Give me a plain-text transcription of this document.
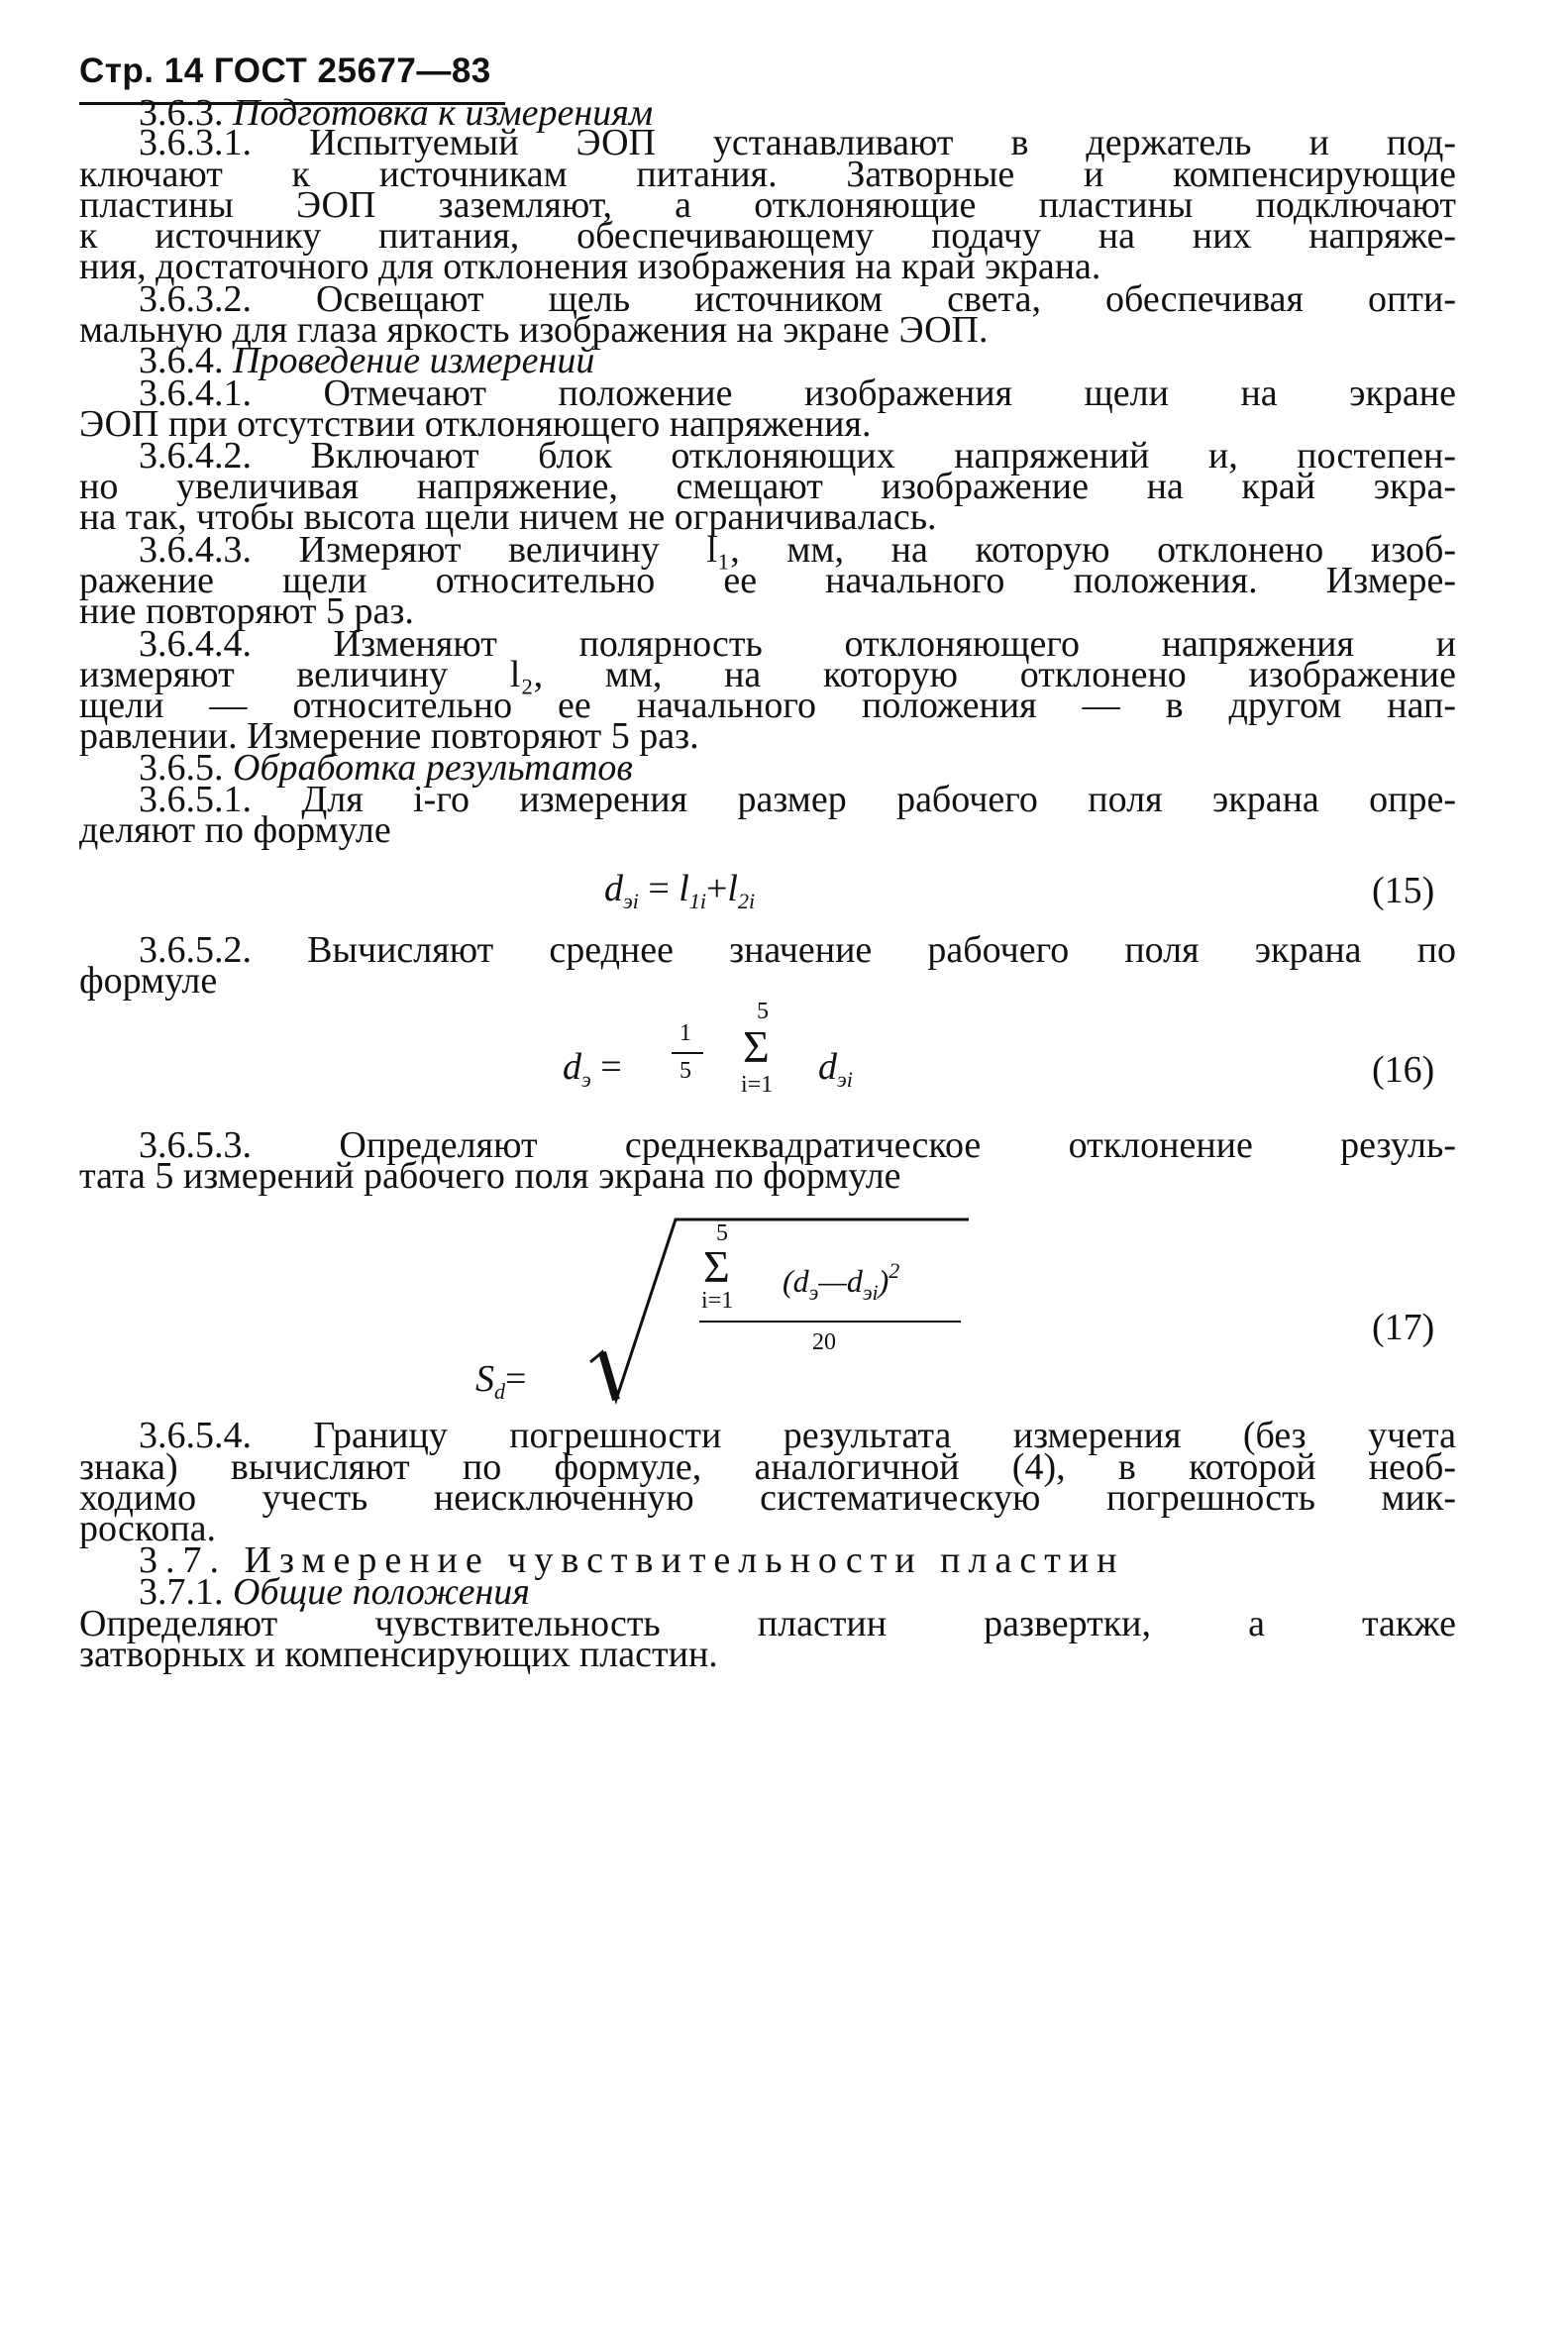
Стр. 14 ГОСТ 25677—83
3.6.3. Подготовка к измерениям
3.6.3.1. Испытуемый ЭОП устанавливают в держатель и под-
ключают к источникам питания. Затворные и компенсирующие
пластины ЭОП заземляют, а отклоняющие пластины подключают
к источнику питания, обеспечивающему подачу на них напряже-
ния, достаточного для отклонения изображения на край экрана.
3.6.3.2. Освещают щель источником света, обеспечивая опти-
мальную для глаза яркость изображения на экране ЭОП.
3.6.4. Проведение измерений
3.6.4.1. Отмечают положение изображения щели на экране
ЭОП при отсутствии отклоняющего напряжения.
3.6.4.2. Включают блок отклоняющих напряжений и, постепен-
но увеличивая напряжение, смещают изображение на край экра-
на так, чтобы высота щели ничем не ограничивалась.
3.6.4.3. Измеряют величину l₁, мм, на которую отклонено изоб-
ражение щели относительно ее начального положения. Измере-
ние повторяют 5 раз.
3.6.4.4. Изменяют полярность отклоняющего напряжения и
измеряют величину l₂, мм, на которую отклонено изображение
щели — относительно ее начального положения — в другом нап-
равлении. Измерение повторяют 5 раз.
3.6.5. Обработка результатов
3.6.5.1. Для i-го измерения размер рабочего поля экрана опре-
деляют по формуле
$d_{эi} = l_{1i}+l_{2i}$	(15)
3.6.5.2. Вычисляют среднее значение рабочего поля экрана по
формуле
$d_э$ =
1
5
5
Σ
i=1 $d_{эi}$	(16)
3.6.5.3. Определяют среднеквадратическое отклонение резуль-
тата 5 измерений рабочего поля экрана по формуле
$S_d=$
5
Σ
i=1
$(d_э—d_{эi})^2$
20	(17)
3.6.5.4. Границу погрешности результата измерения (без учета
знака) вычисляют по формуле, аналогичной (4), в которой необ-
ходимо учесть неисключенную систематическую погрешность мик-
роскопа.
3.7. Измерение чувствительности пластин
3.7.1. Общие положения
Определяют чувствительность пластин развертки, а также
затворных и компенсирующих пластин.
